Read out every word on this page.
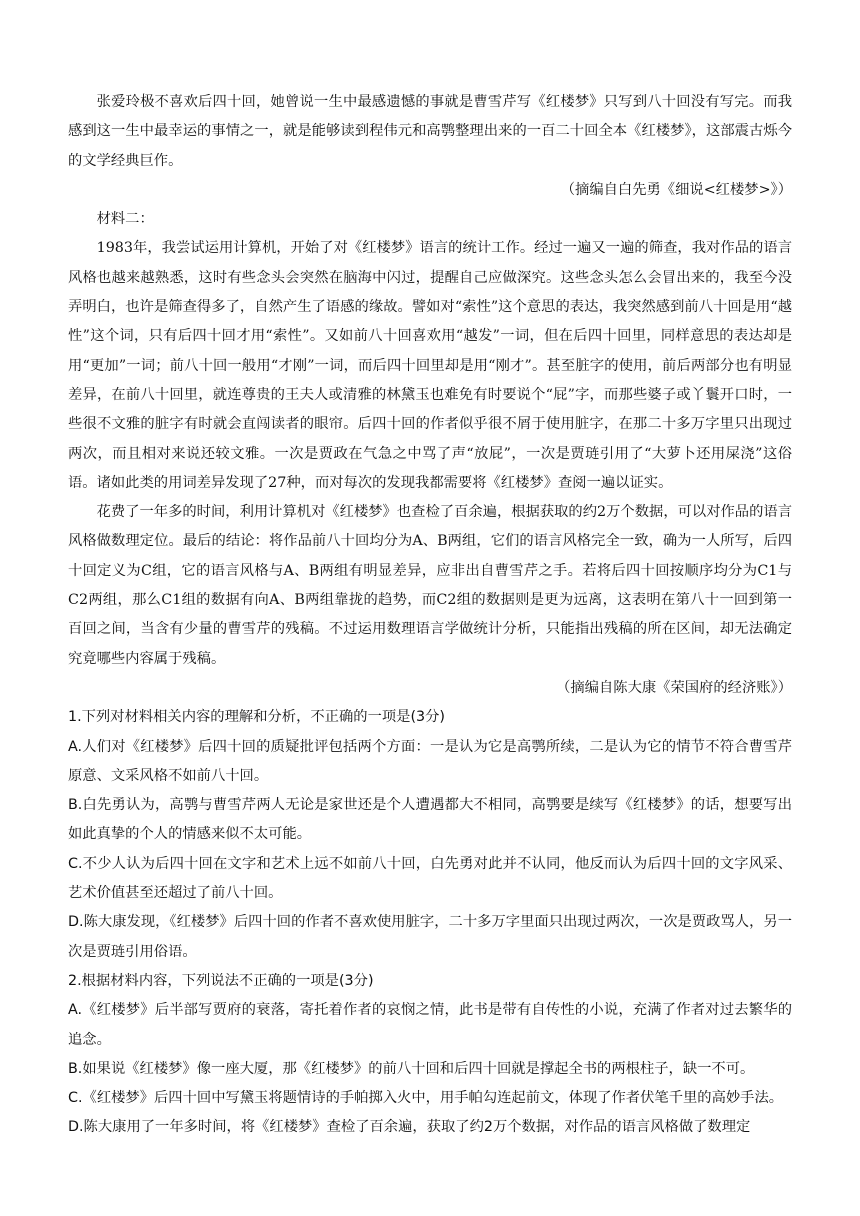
张爱玲极不喜欢后四十回，她曾说一生中最感遗憾的事就是曹雪芹写《红楼梦》只写到八十回没有写完。而我感到这一生中最幸运的事情之一，就是能够读到程伟元和高鹗整理出来的一百二十回全本《红楼梦》，这部震古烁今的文学经典巨作。

（摘编自白先勇《细说<红楼梦>》）

材料二：

1983年，我尝试运用计算机，开始了对《红楼梦》语言的统计工作。经过一遍又一遍的筛查，我对作品的语言风格也越来越熟悉，这时有些念头会突然在脑海中闪过，提醒自己应做深究。这些念头怎么会冒出来的，我至今没弄明白，也许是筛查得多了，自然产生了语感的缘故。譬如对“索性”这个意思的表达，我突然感到前八十回是用“越性”这个词，只有后四十回才用“索性”。又如前八十回喜欢用“越发”一词，但在后四十回里，同样意思的表达却是用“更加”一词；前八十回一般用“才刚”一词，而后四十回里却是用“刚才”。甚至脏字的使用，前后两部分也有明显差异，在前八十回里，就连尊贵的王夫人或清雅的林黛玉也难免有时要说个“屁”字，而那些婆子或丫鬟开口时，一些很不文雅的脏字有时就会直闯读者的眼帘。后四十回的作者似乎很不屑于使用脏字，在那二十多万字里只出现过两次，而且相对来说还较文雅。一次是贾政在气急之中骂了声“放屁”，一次是贾琏引用了“大萝卜还用屎浇”这俗语。诸如此类的用词差异发现了27种，而对每次的发现我都需要将《红楼梦》查阅一遍以证实。

花费了一年多的时间，利用计算机对《红楼梦》也查检了百余遍，根据获取的约2万个数据，可以对作品的语言风格做数理定位。最后的结论：将作品前八十回均分为A、B两组，它们的语言风格完全一致，确为一人所写，后四十回定义为C组，它的语言风格与A、B两组有明显差异，应非出自曹雪芹之手。若将后四十回按顺序均分为C1与C2两组，那么C1组的数据有向A、B两组靠拢的趋势，而C2组的数据则是更为远离，这表明在第八十一回到第一百回之间，当含有少量的曹雪芹的残稿。不过运用数理语言学做统计分析，只能指出残稿的所在区间，却无法确定究竟哪些内容属于残稿。

（摘编自陈大康《荣国府的经济账》）

1.下列对材料相关内容的理解和分析，不正确的一项是(3分)

A.人们对《红楼梦》后四十回的质疑批评包括两个方面：一是认为它是高鹗所续，二是认为它的情节不符合曹雪芹原意、文采风格不如前八十回。

B.白先勇认为，高鹗与曹雪芹两人无论是家世还是个人遭遇都大不相同，高鹗要是续写《红楼梦》的话，想要写出如此真挚的个人的情感来似不太可能。

C.不少人认为后四十回在文字和艺术上远不如前八十回，白先勇对此并不认同，他反而认为后四十回的文字风采、艺术价值甚至还超过了前八十回。

D.陈大康发现，《红楼梦》后四十回的作者不喜欢使用脏字，二十多万字里面只出现过两次，一次是贾政骂人，另一次是贾琏引用俗语。

2.根据材料内容，下列说法不正确的一项是(3分)

A.《红楼梦》后半部写贾府的衰落，寄托着作者的哀悯之情，此书是带有自传性的小说，充满了作者对过去繁华的追念。

B.如果说《红楼梦》像一座大厦，那《红楼梦》的前八十回和后四十回就是撑起全书的两根柱子，缺一不可。

C.《红楼梦》后四十回中写黛玉将题情诗的手帕掷入火中，用手帕勾连起前文，体现了作者伏笔千里的高妙手法。

D.陈大康用了一年多时间，将《红楼梦》查检了百余遍，获取了约2万个数据，对作品的语言风格做了数理定
